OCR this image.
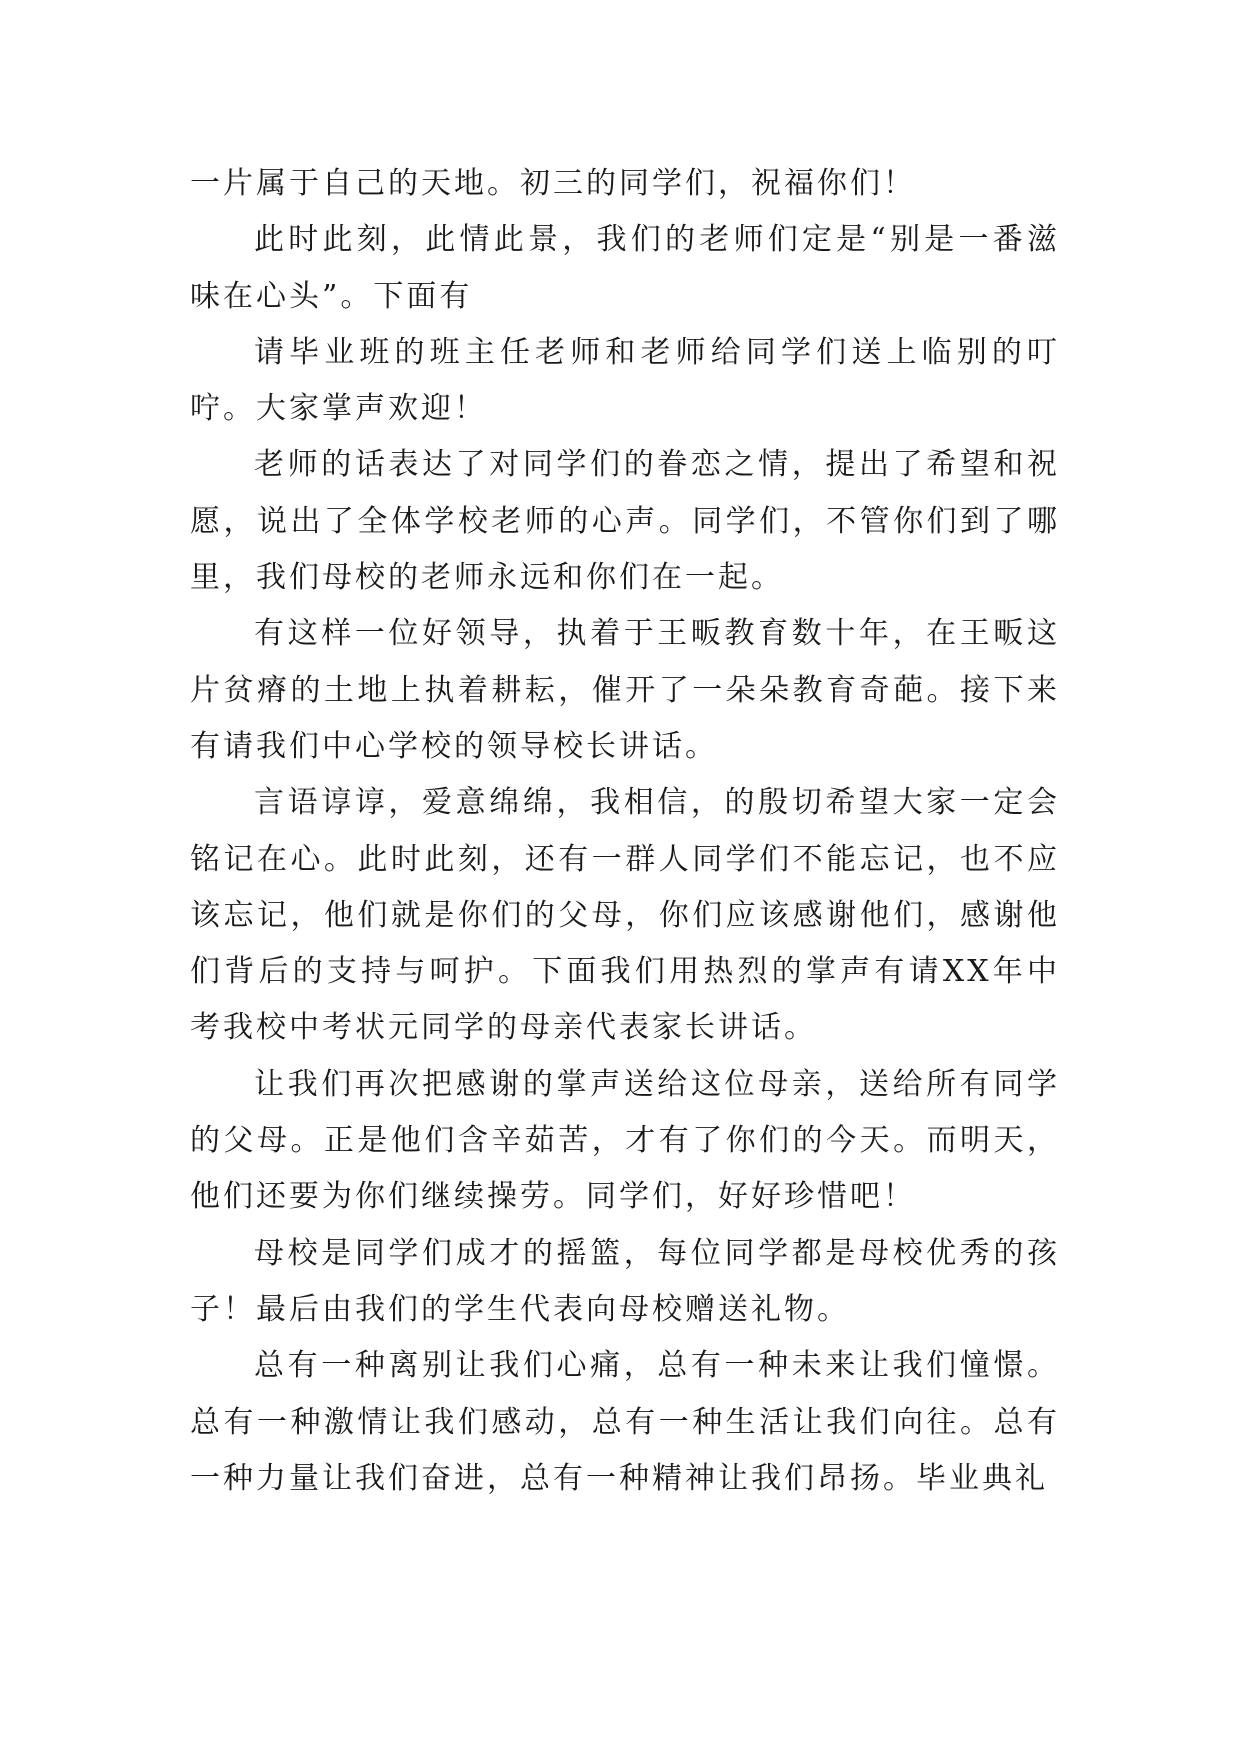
一片属于自己的天地。初三的同学们，祝福你们！

此时此刻，此情此景，我们的老师们定是“别是一番滋味在心头”。下面有

请毕业班的班主任老师和老师给同学们送上临别的叮咛。大家掌声欢迎！

老师的话表达了对同学们的眷恋之情，提出了希望和祝愿，说出了全体学校老师的心声。同学们，不管你们到了哪里，我们母校的老师永远和你们在一起。

有这样一位好领导，执着于王畈教育数十年，在王畈这片贫瘠的土地上执着耕耘，催开了一朵朵教育奇葩。接下来有请我们中心学校的领导校长讲话。

言语谆谆，爱意绵绵，我相信，的殷切希望大家一定会铭记在心。此时此刻，还有一群人同学们不能忘记，也不应该忘记，他们就是你们的父母，你们应该感谢他们，感谢他们背后的支持与呵护。下面我们用热烈的掌声有请XX年中考我校中考状元同学的母亲代表家长讲话。

让我们再次把感谢的掌声送给这位母亲，送给所有同学的父母。正是他们含辛茹苦，才有了你们的今天。而明天，他们还要为你们继续操劳。同学们，好好珍惜吧！

母校是同学们成才的摇篮，每位同学都是母校优秀的孩子！最后由我们的学生代表向母校赠送礼物。

总有一种离别让我们心痛，总有一种未来让我们憧憬。总有一种激情让我们感动，总有一种生活让我们向往。总有一种力量让我们奋进，总有一种精神让我们昂扬。毕业典礼
